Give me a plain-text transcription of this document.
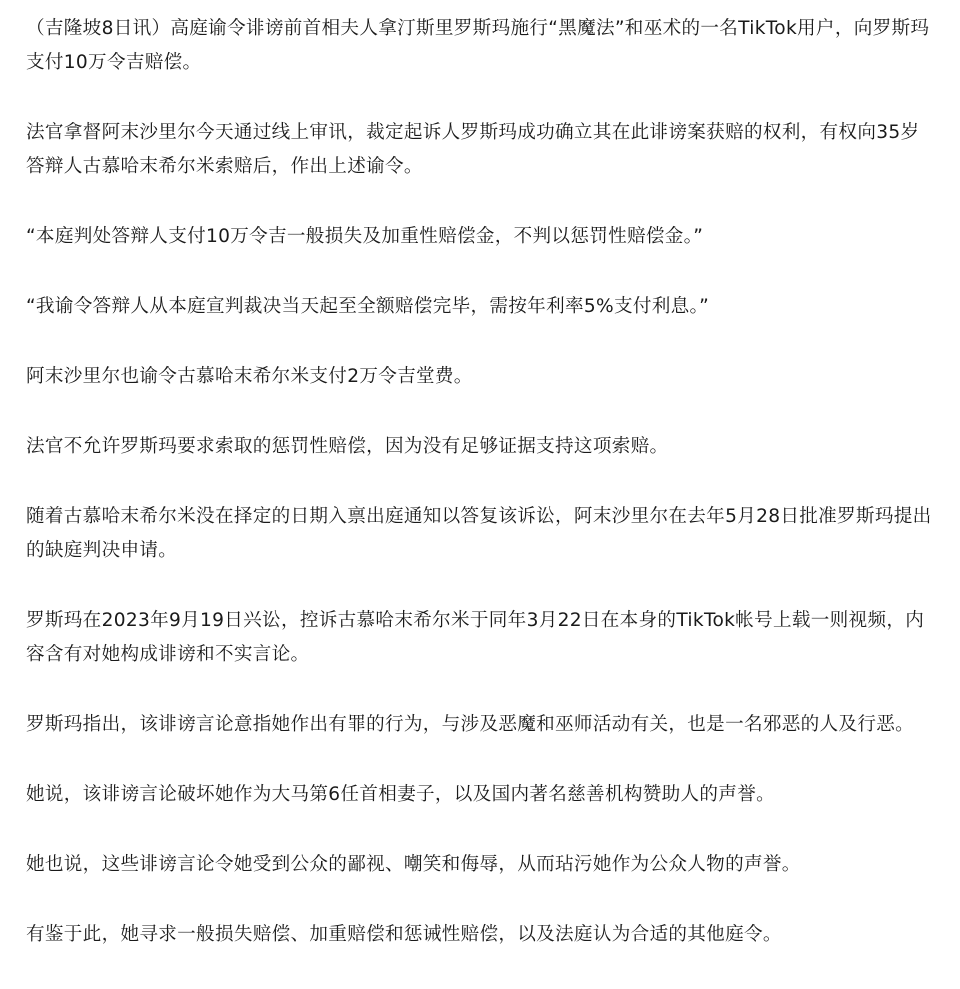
（吉隆坡8日讯）高庭谕令诽谤前首相夫人拿汀斯里罗斯玛施行“黑魔法”和巫术的一名TikTok用户，向罗斯玛支付10万令吉赔偿。

法官拿督阿末沙里尔今天通过线上审讯，裁定起诉人罗斯玛成功确立其在此诽谤案获赔的权利，有权向35岁答辩人古慕哈末希尔米索赔后，作出上述谕令。

“本庭判处答辩人支付10万令吉一般损失及加重性赔偿金，不判以惩罚性赔偿金。”

“我谕令答辩人从本庭宣判裁决当天起至全额赔偿完毕，需按年利率5%支付利息。”

阿末沙里尔也谕令古慕哈末希尔米支付2万令吉堂费。

法官不允许罗斯玛要求索取的惩罚性赔偿，因为没有足够证据支持这项索赔。

随着古慕哈末希尔米没在择定的日期入禀出庭通知以答复该诉讼，阿末沙里尔在去年5月28日批准罗斯玛提出的缺庭判决申请。

罗斯玛在2023年9月19日兴讼，控诉古慕哈末希尔米于同年3月22日在本身的TikTok帐号上载一则视频，内容含有对她构成诽谤和不实言论。

罗斯玛指出，该诽谤言论意指她作出有罪的行为，与涉及恶魔和巫师活动有关，也是一名邪恶的人及行恶。

她说，该诽谤言论破坏她作为大马第6任首相妻子，以及国内著名慈善机构赞助人的声誉。

她也说，这些诽谤言论令她受到公众的鄙视、嘲笑和侮辱，从而玷污她作为公众人物的声誉。

有鉴于此，她寻求一般损失赔偿、加重赔偿和惩诫性赔偿，以及法庭认为合适的其他庭令。
